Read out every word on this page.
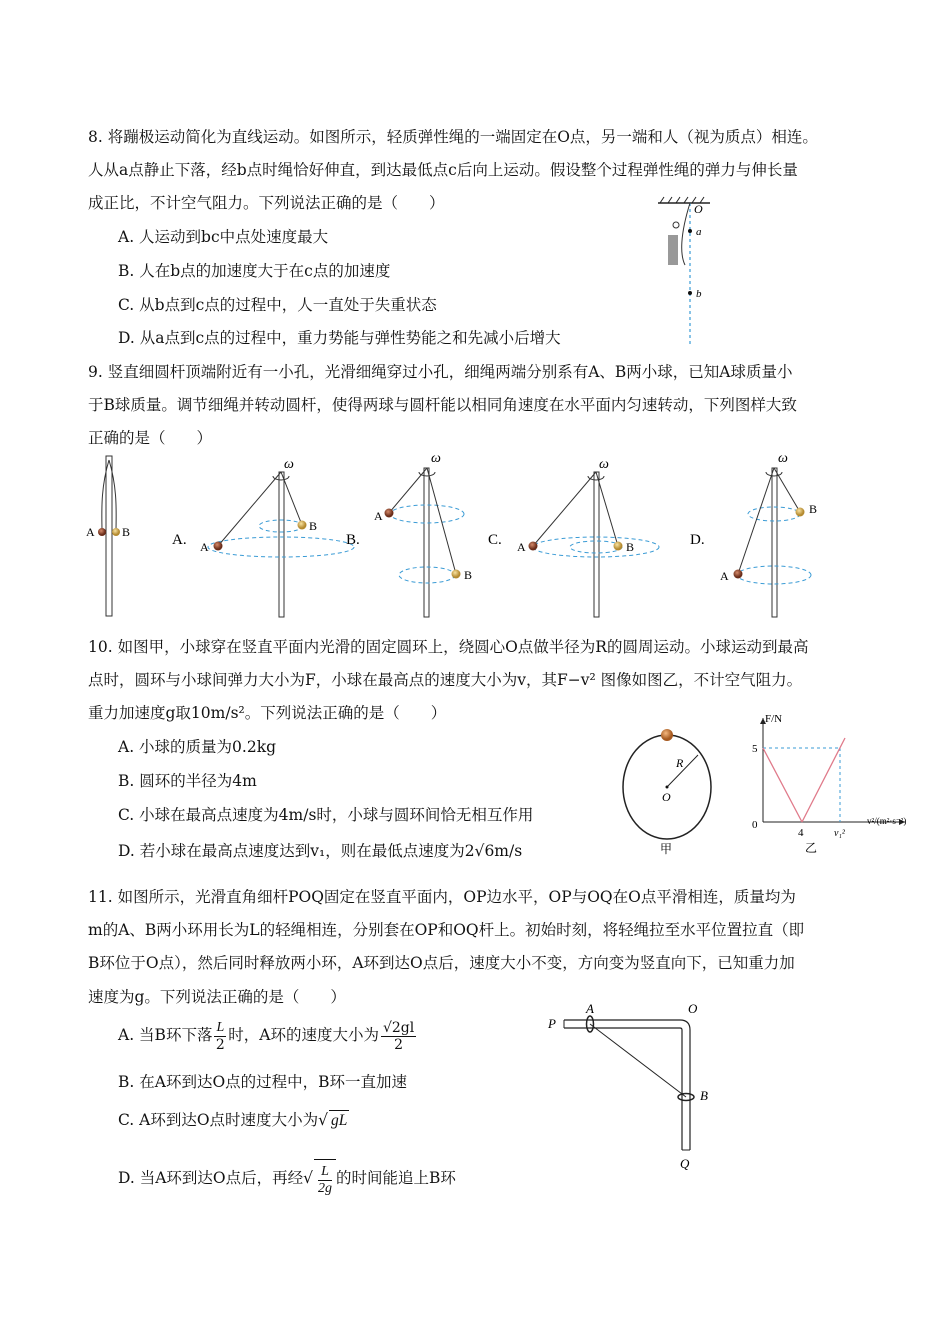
8. 将蹦极运动简化为直线运动。如图所示，轻质弹性绳的一端固定在O点，另一端和人（视为质点）相连。
人从a点静止下落，经b点时绳恰好伸直，到达最低点c后向上运动。假设整个过程弹性绳的弹力与伸长量
成正比，不计空气阻力。下列说法正确的是（　　）
A. 人运动到bc中点处速度最大
B. 人在b点的加速度大于在c点的加速度
C. 从b点到c点的过程中，人一直处于失重状态
D. 从a点到c点的过程中，重力势能与弹性势能之和先减小后增大
O
a
b
9. 竖直细圆杆顶端附近有一小孔，光滑细绳穿过小孔，细绳两端分别系有A、B两小球，已知A球质量小
于B球质量。调节细绳并转动圆杆，使得两球与圆杆能以相同角速度在水平面内匀速转动，下列图样大致
正确的是（　　）
A B	A. A
B
ω
B.
A
B
ω
C. A	B
ω
D.
A
B
ω
10. 如图甲，小球穿在竖直平面内光滑的固定圆环上，绕圆心O点做半径为R的圆周运动。小球运动到最高
点时，圆环与小球间弹力大小为F，小球在最高点的速度大小为v，其F−v² 图像如图乙，不计空气阻力。
重力加速度g取10m/s²。下列说法正确的是（　　）
A. 小球的质量为0.2kg
B. 圆环的半径为4m
C. 小球在最高点速度为4m/s时，小球与圆环间恰无相互作用
D. 若小球在最高点速度达到v₁，则在最低点速度为2√6m/s
R
O
甲
F/N
5
0
4	v₁²
v²/(m²·s⁻²)
乙
11. 如图所示，光滑直角细杆POQ固定在竖直平面内，OP边水平，OP与OQ在O点平滑相连，质量均为
m的A、B两小环用长为L的轻绳相连，分别套在OP和OQ杆上。初始时刻，将轻绳拉至水平位置拉直（即
B环位于O点），然后同时释放两小环，A环到达O点后，速度大小不变，方向变为竖直向下，已知重力加
速度为g。下列说法正确的是（　　）
A. 当B环下落 $\frac{L}{2}$ 时，A环的速度大小为 $\frac{√2gl}{2}$
B. 在A环到达O点的过程中，B环一直加速
C. A环到达O点时速度大小为√ gL
D. 当A环到达O点后，再经√ $\frac{L}{2g}$ 的时间能追上B环
P
A	O
B
Q
